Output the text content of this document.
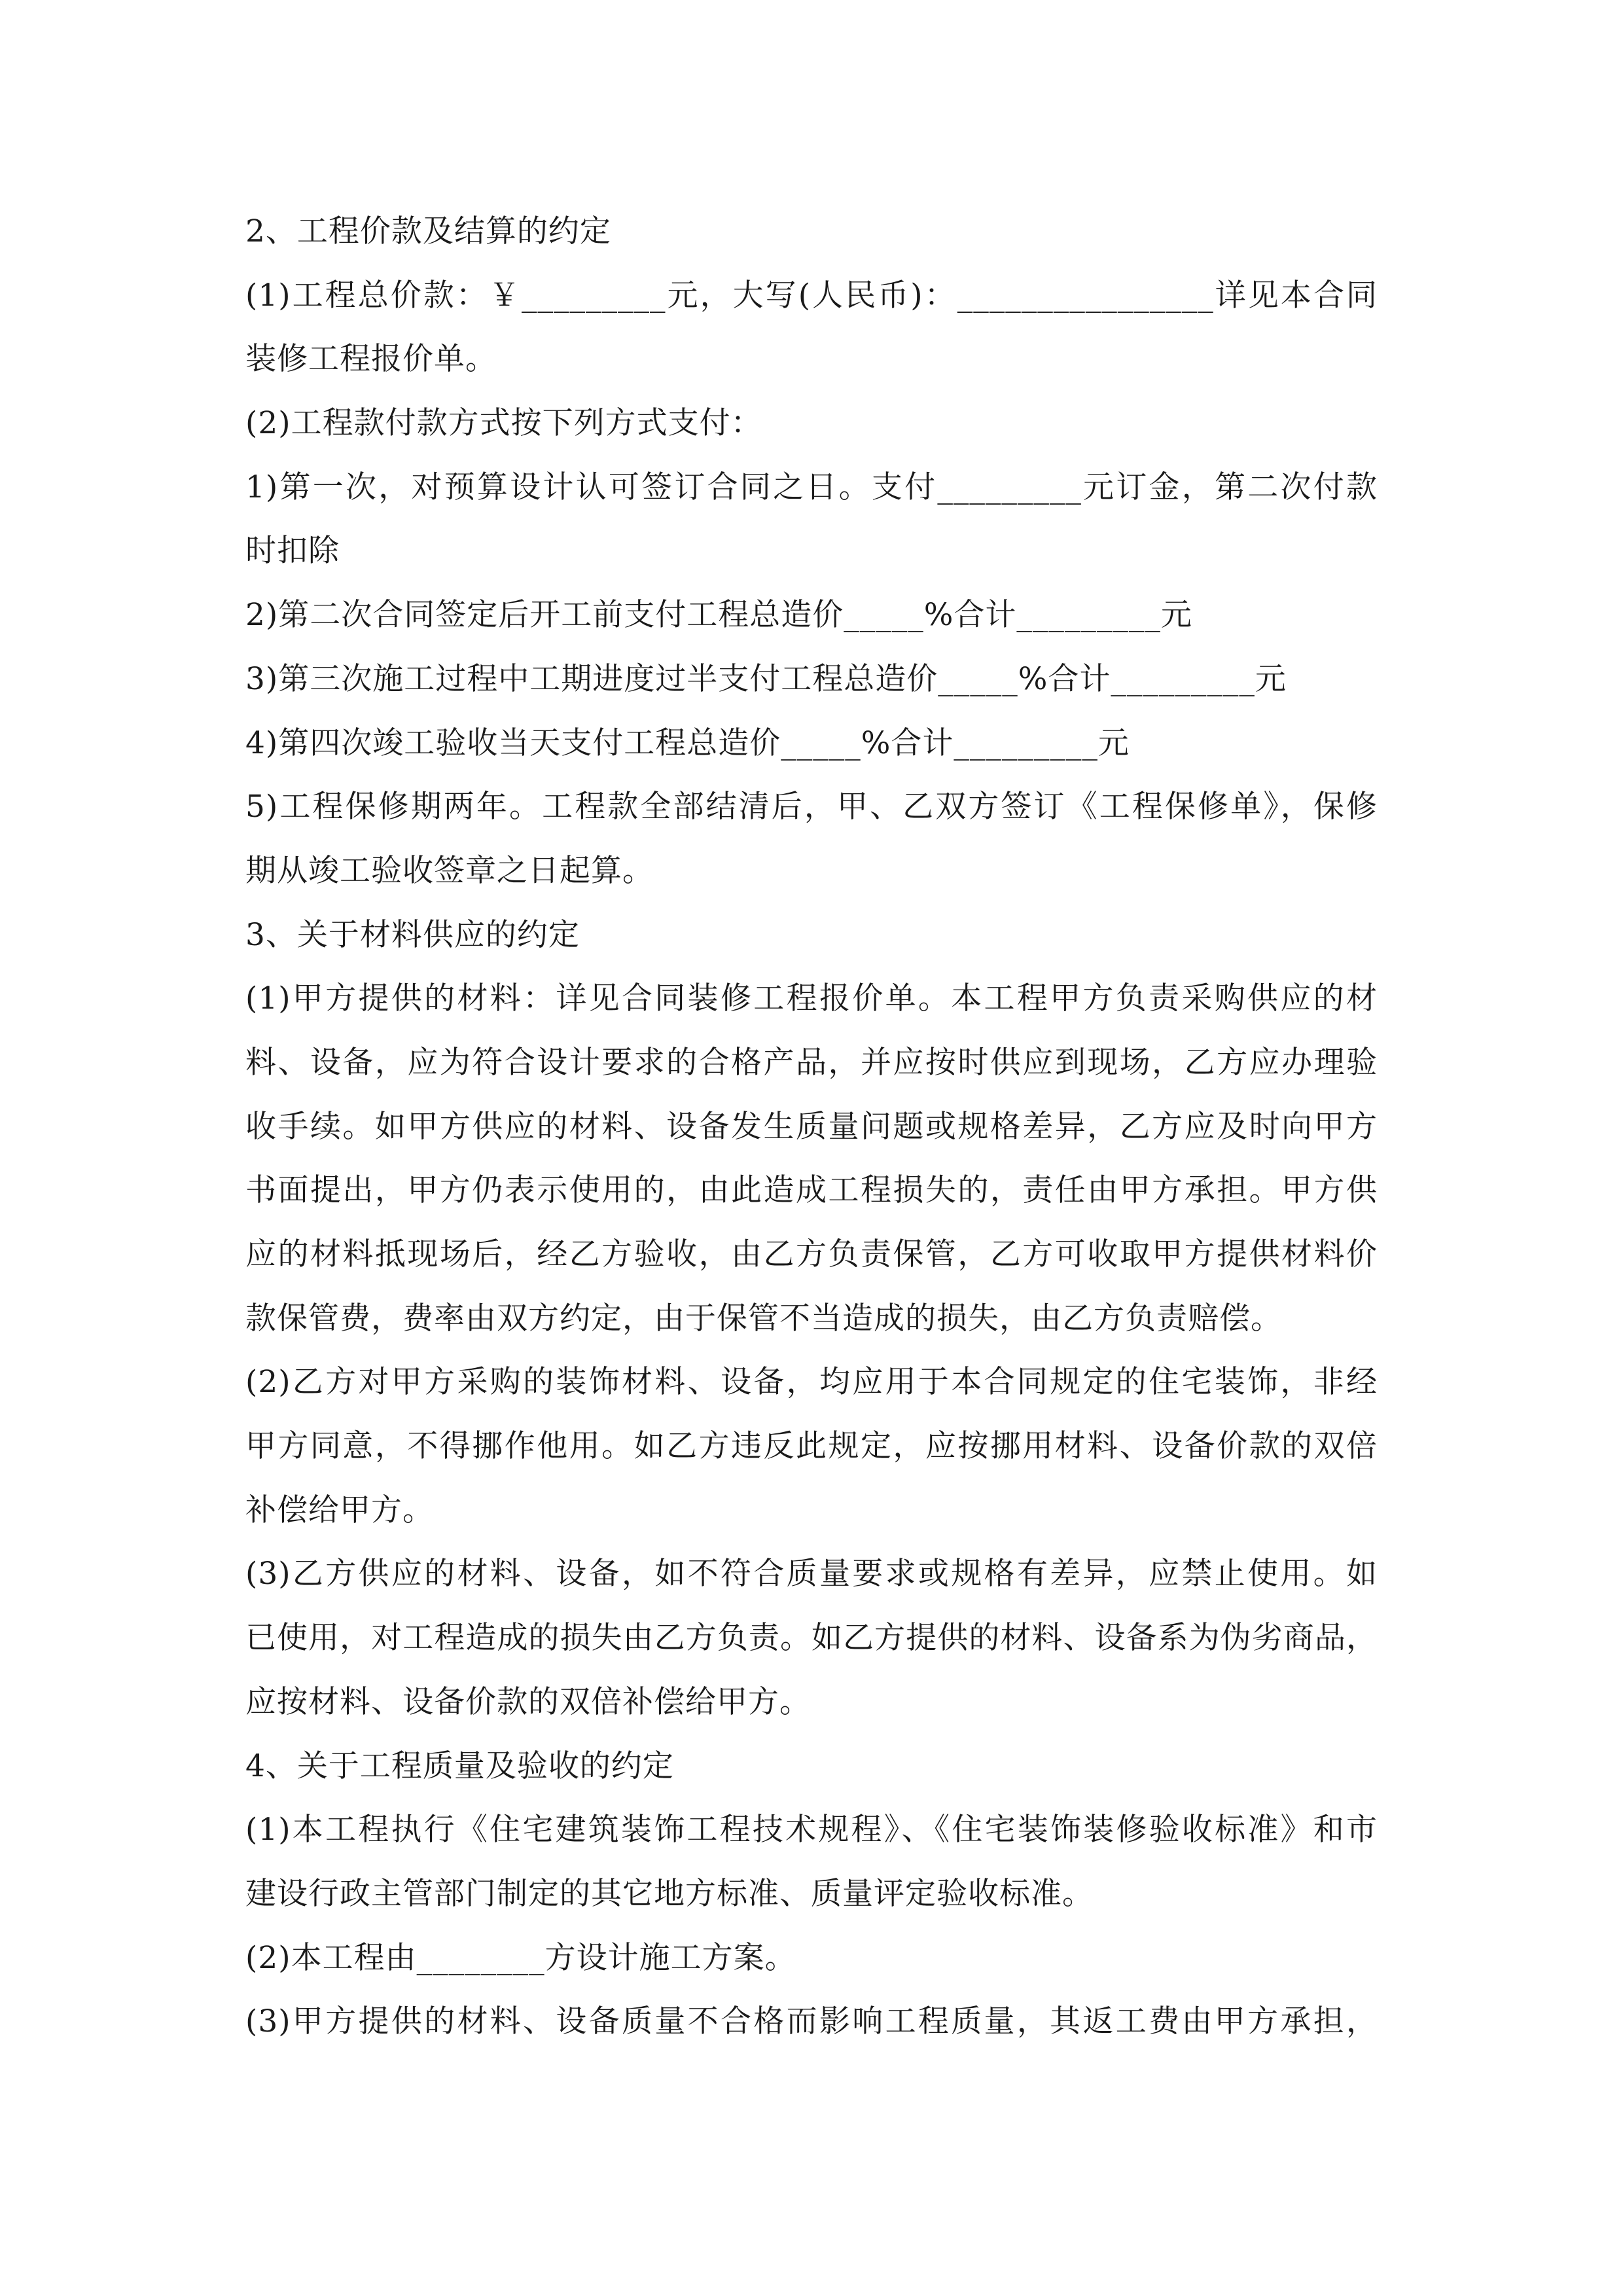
2、工程价款及结算的约定
(1)工程总价款：￥_________元，大写(人民币)：________________详见本合同
装修工程报价单。
(2)工程款付款方式按下列方式支付：
1)第一次，对预算设计认可签订合同之日。支付_________元订金，第二次付款
时扣除
2)第二次合同签定后开工前支付工程总造价_____%合计_________元
3)第三次施工过程中工期进度过半支付工程总造价_____%合计_________元
4)第四次竣工验收当天支付工程总造价_____%合计_________元
5)工程保修期两年。工程款全部结清后，甲、乙双方签订《工程保修单》，保修
期从竣工验收签章之日起算。
3、关于材料供应的约定
(1)甲方提供的材料：详见合同装修工程报价单。本工程甲方负责采购供应的材
料、设备，应为符合设计要求的合格产品，并应按时供应到现场，乙方应办理验
收手续。如甲方供应的材料、设备发生质量问题或规格差异，乙方应及时向甲方
书面提出，甲方仍表示使用的，由此造成工程损失的，责任由甲方承担。甲方供
应的材料抵现场后，经乙方验收，由乙方负责保管，乙方可收取甲方提供材料价
款保管费，费率由双方约定，由于保管不当造成的损失，由乙方负责赔偿。
(2)乙方对甲方采购的装饰材料、设备，均应用于本合同规定的住宅装饰，非经
甲方同意，不得挪作他用。如乙方违反此规定，应按挪用材料、设备价款的双倍
补偿给甲方。
(3)乙方供应的材料、设备，如不符合质量要求或规格有差异，应禁止使用。如
已使用，对工程造成的损失由乙方负责。如乙方提供的材料、设备系为伪劣商品，
应按材料、设备价款的双倍补偿给甲方。
4、关于工程质量及验收的约定
(1)本工程执行《住宅建筑装饰工程技术规程》、《住宅装饰装修验收标准》和市
建设行政主管部门制定的其它地方标准、质量评定验收标准。
(2)本工程由________方设计施工方案。
(3)甲方提供的材料、设备质量不合格而影响工程质量，其返工费由甲方承担，
